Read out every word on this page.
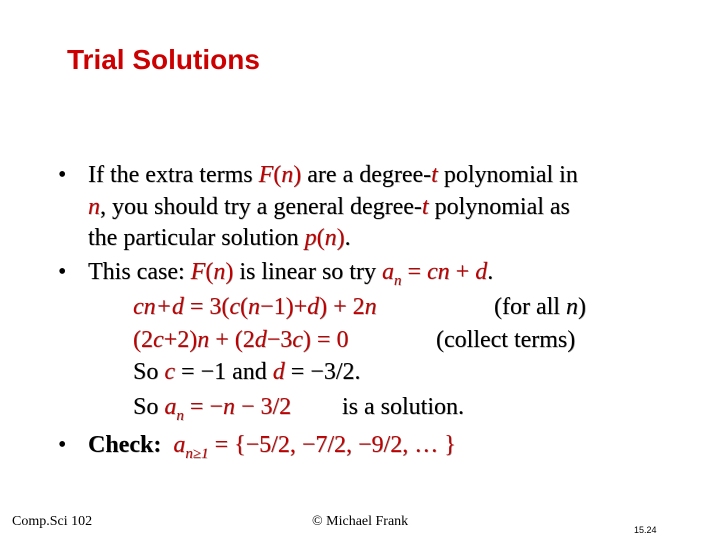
Trial Solutions
• If the extra terms F(n) are a degree-t polynomial in
n, you should try a general degree-t polynomial as
the particular solution p(n).
• This case: F(n) is linear so try $a_n$ = cn + d.
cn+d = 3(c(n−1)+d) + 2n	(for all n)
(2c+2)n + (2d−3c) = 0	(collect terms)
So c = −1 and d = −3/2.
So $a_n = -n - 3/2$ is a solution.
• Check: $a_{n\ge 1} = \{-5/2$, −7/2, −9/2, … }
Comp.Sci 102	© Michael Frank
15.24
